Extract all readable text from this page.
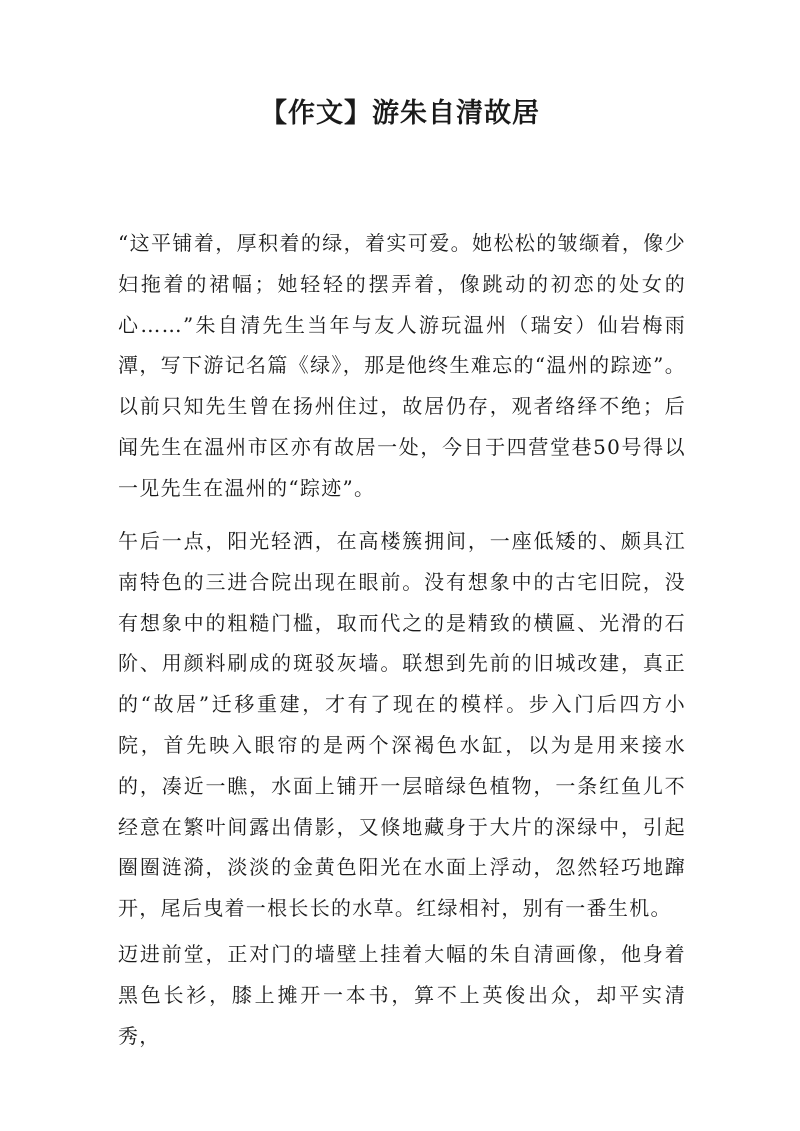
【作文】游朱自清故居

“这平铺着，厚积着的绿，着实可爱。她松松的皱缬着，像少妇拖着的裙幅；她轻轻的摆弄着，像跳动的初恋的处女的心……”朱自清先生当年与友人游玩温州（瑞安）仙岩梅雨潭，写下游记名篇《绿》，那是他终生难忘的“温州的踪迹”。以前只知先生曾在扬州住过，故居仍存，观者络绎不绝；后闻先生在温州市区亦有故居一处，今日于四营堂巷50号得以一见先生在温州的“踪迹”。

午后一点，阳光轻洒，在高楼簇拥间，一座低矮的、颇具江南特色的三进合院出现在眼前。没有想象中的古宅旧院，没有想象中的粗糙门槛，取而代之的是精致的横匾、光滑的石阶、用颜料刷成的斑驳灰墙。联想到先前的旧城改建，真正的“故居”迁移重建，才有了现在的模样。步入门后四方小院，首先映入眼帘的是两个深褐色水缸，以为是用来接水的，凑近一瞧，水面上铺开一层暗绿色植物，一条红鱼儿不经意在繁叶间露出倩影，又倏地藏身于大片的深绿中，引起圈圈涟漪，淡淡的金黄色阳光在水面上浮动，忽然轻巧地蹿开，尾后曳着一根长长的水草。红绿相衬，别有一番生机。

迈进前堂，正对门的墙壁上挂着大幅的朱自清画像，他身着黑色长衫，膝上摊开一本书，算不上英俊出众，却平实清秀，
